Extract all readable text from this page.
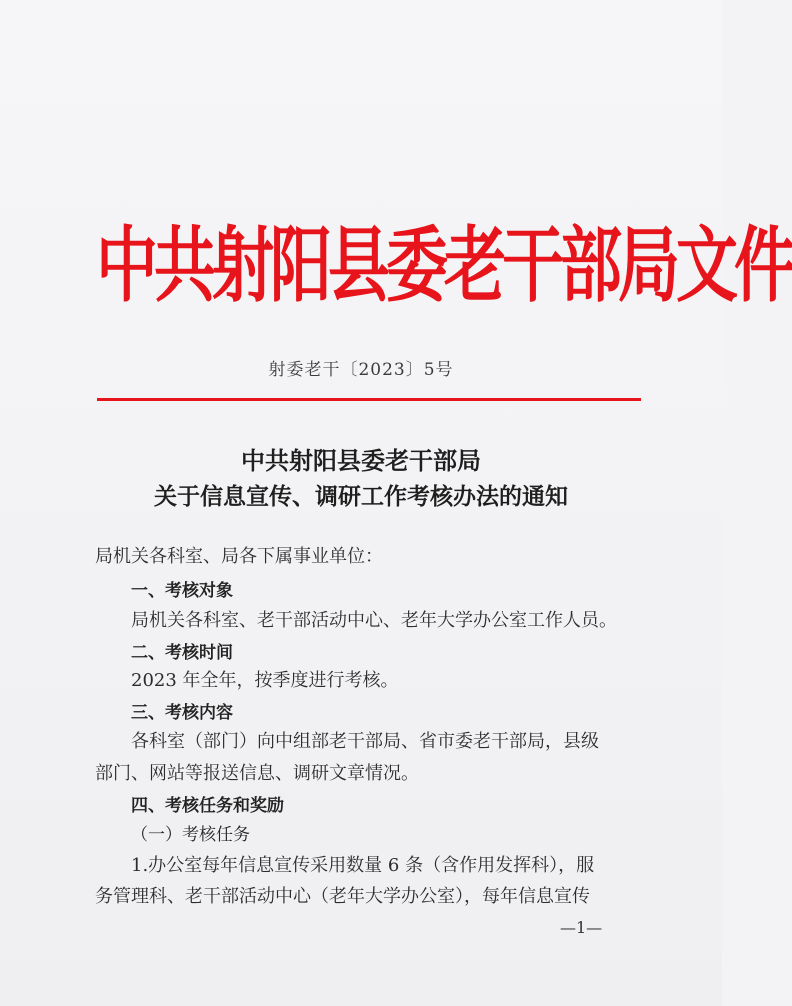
中共射阳县委老干部局文件
射委老干〔2023〕5号
中共射阳县委老干部局
关于信息宣传、调研工作考核办法的通知
局机关各科室、局各下属事业单位：
一、考核对象
局机关各科室、老干部活动中心、老年大学办公室工作人员。
二、考核时间
2023 年全年，按季度进行考核。
三、考核内容
各科室（部门）向中组部老干部局、省市委老干部局，县级
部门、网站等报送信息、调研文章情况。
四、考核任务和奖励
（一）考核任务
1.办公室每年信息宣传采用数量 6 条（含作用发挥科），服
务管理科、老干部活动中心（老年大学办公室），每年信息宣传
—1—
